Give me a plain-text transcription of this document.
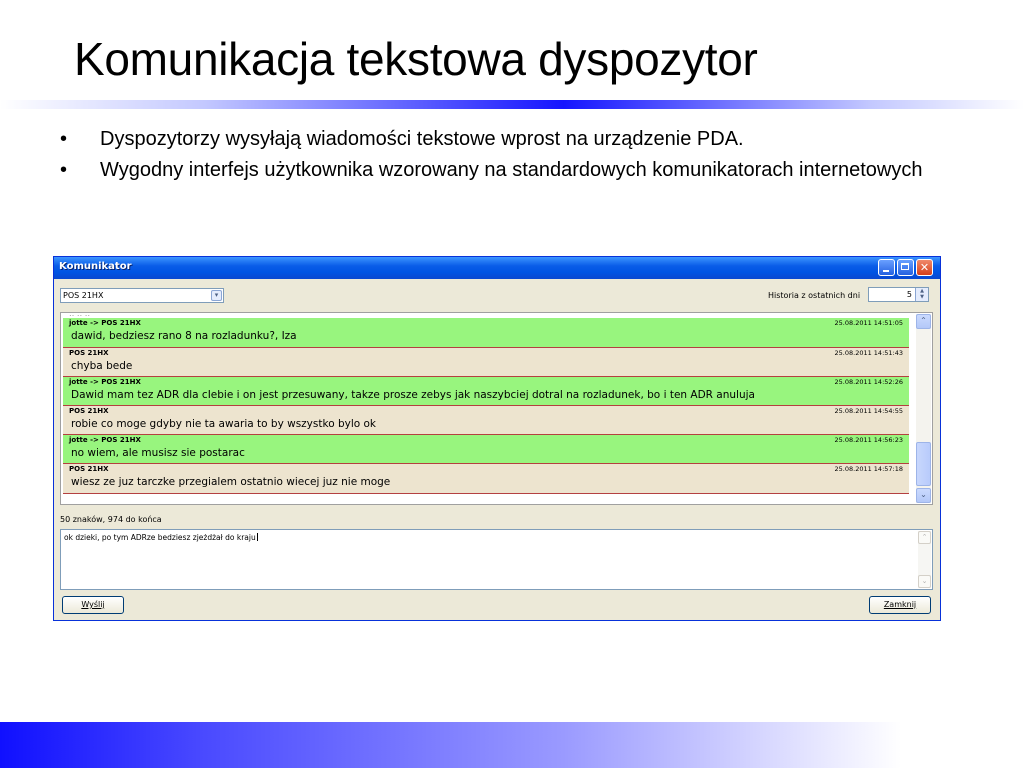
Komunikacja tekstowa dyspozytor
• Dyspozytorzy wysyłają wiadomości tekstowe wprost na urządzenie PDA.
• Wygodny interfejs użytkownika wzorowany na standardowych komunikatorach internetowych
Komunikator	✕
POS 21HX	▾	Historia z ostatnich dni	5	▲
▼
‥ ‥ ‥
jotte -> POS 21HX	25.08.2011 14:51:05
dawid, bedziesz rano 8 na rozladunku?, Iza
POS 21HX	25.08.2011 14:51:43
chyba bede
jotte -> POS 21HX	25.08.2011 14:52:26
Dawid mam tez ADR dla cIebie i on jest przesuwany, takze prosze zebys jak naszybciej dotral na rozladunek, bo i ten ADR anuluja
POS 21HX	25.08.2011 14:54:55
robie co moge gdyby nie ta awaria to by wszystko bylo ok
jotte -> POS 21HX	25.08.2011 14:56:23
no wiem, ale musisz sie postarac
POS 21HX	25.08.2011 14:57:18
wiesz ze juz tarczke przegialem ostatnio wiecej juz nie moge
⌃
⌄
50 znaków, 974 do końca
ok dzieki, po tym ADRze bedziesz zjeżdżał do kraju	⌃
⌄
Wyślij	Zamknij
